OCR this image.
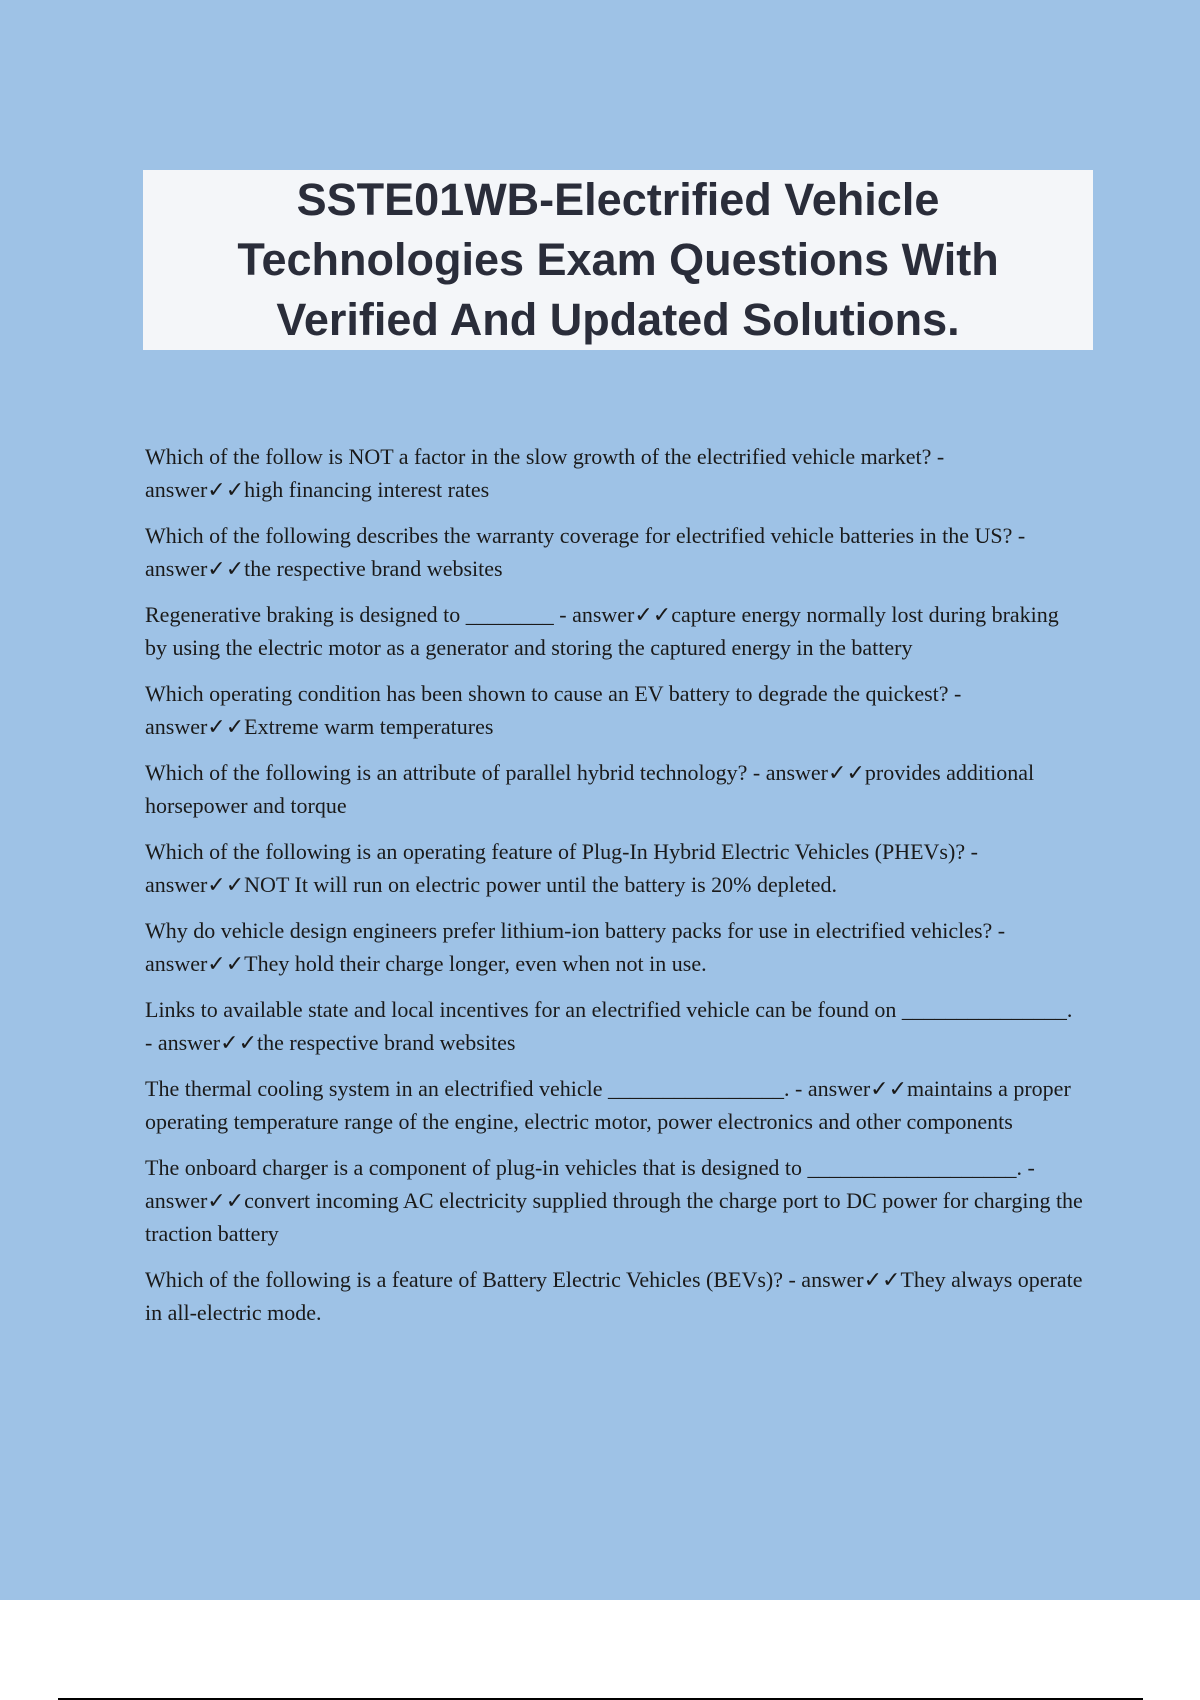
SSTE01WB-Electrified Vehicle Technologies Exam Questions With Verified And Updated Solutions.
Which of the follow is NOT a factor in the slow growth of the electrified vehicle market? - answer✓✓high financing interest rates
Which of the following describes the warranty coverage for electrified vehicle batteries in the US? - answer✓✓the respective brand websites
Regenerative braking is designed to ________ - answer✓✓capture energy normally lost during braking by using the electric motor as a generator and storing the captured energy in the battery
Which operating condition has been shown to cause an EV battery to degrade the quickest? - answer✓✓Extreme warm temperatures
Which of the following is an attribute of parallel hybrid technology? - answer✓✓provides additional horsepower and torque
Which of the following is an operating feature of Plug-In Hybrid Electric Vehicles (PHEVs)? - answer✓✓NOT It will run on electric power until the battery is 20% depleted.
Why do vehicle design engineers prefer lithium-ion battery packs for use in electrified vehicles? - answer✓✓They hold their charge longer, even when not in use.
Links to available state and local incentives for an electrified vehicle can be found on _______________. - answer✓✓the respective brand websites
The thermal cooling system in an electrified vehicle ________________. - answer✓✓maintains a proper operating temperature range of the engine, electric motor, power electronics and other components
The onboard charger is a component of plug-in vehicles that is designed to ___________________. - answer✓✓convert incoming AC electricity supplied through the charge port to DC power for charging the traction battery
Which of the following is a feature of Battery Electric Vehicles (BEVs)? - answer✓✓They always operate in all-electric mode.
